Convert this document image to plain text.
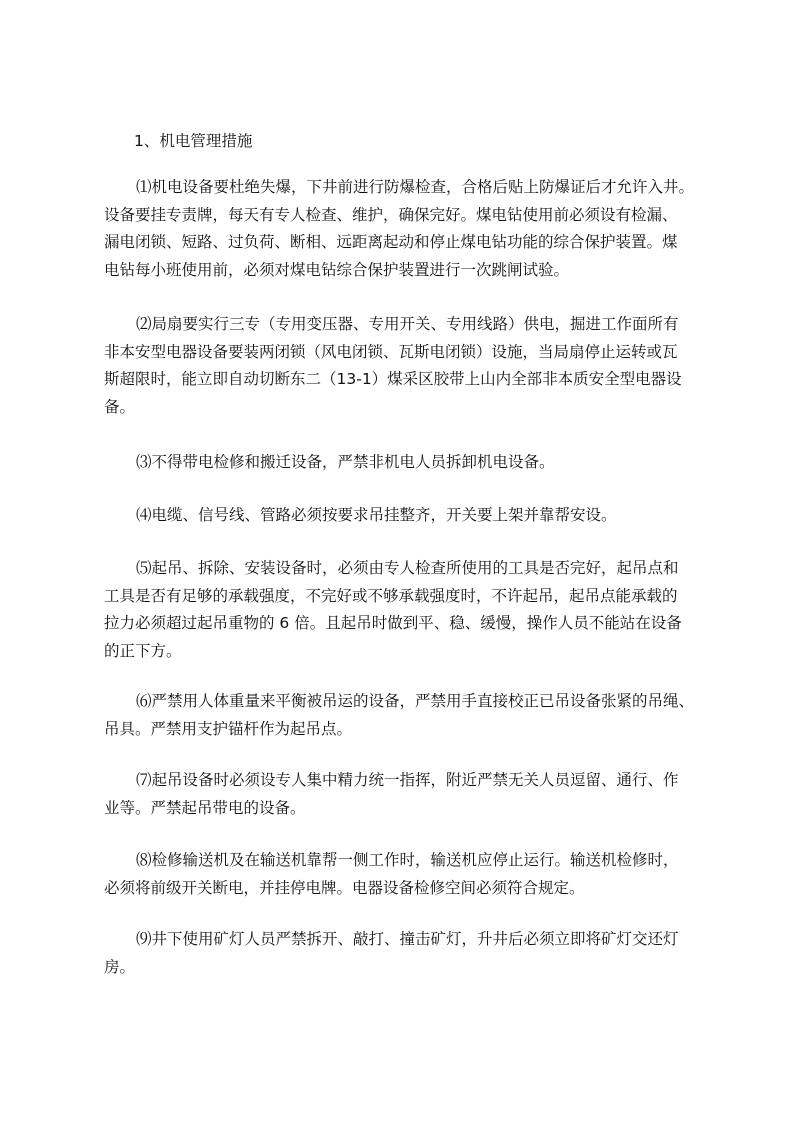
1、机电管理措施
⑴机电设备要杜绝失爆，下井前进行防爆检查，合格后贴上防爆证后才允许入井。
设备要挂专责牌，每天有专人检查、维护，确保完好。煤电钻使用前必须设有检漏、
漏电闭锁、短路、过负荷、断相、远距离起动和停止煤电钻功能的综合保护装置。煤
电钻每小班使用前，必须对煤电钻综合保护装置进行一次跳闸试验。
⑵局扇要实行三专（专用变压器、专用开关、专用线路）供电，掘进工作面所有
非本安型电器设备要装两闭锁（风电闭锁、瓦斯电闭锁）设施，当局扇停止运转或瓦
斯超限时，能立即自动切断东二（13-1）煤采区胶带上山内全部非本质安全型电器设
备。
⑶不得带电检修和搬迁设备，严禁非机电人员拆卸机电设备。
⑷电缆、信号线、管路必须按要求吊挂整齐，开关要上架并靠帮安设。
⑸起吊、拆除、安装设备时，必须由专人检查所使用的工具是否完好，起吊点和
工具是否有足够的承载强度，不完好或不够承载强度时，不许起吊，起吊点能承载的
拉力必须超过起吊重物的 6 倍。且起吊时做到平、稳、缓慢，操作人员不能站在设备
的正下方。
⑹严禁用人体重量来平衡被吊运的设备，严禁用手直接校正已吊设备张紧的吊绳、
吊具。严禁用支护锚杆作为起吊点。
⑺起吊设备时必须设专人集中精力统一指挥，附近严禁无关人员逗留、通行、作
业等。严禁起吊带电的设备。
⑻检修输送机及在输送机靠帮一侧工作时，输送机应停止运行。输送机检修时，
必须将前级开关断电，并挂停电牌。电器设备检修空间必须符合规定。
⑼井下使用矿灯人员严禁拆开、敲打、撞击矿灯，升井后必须立即将矿灯交还灯
房。
